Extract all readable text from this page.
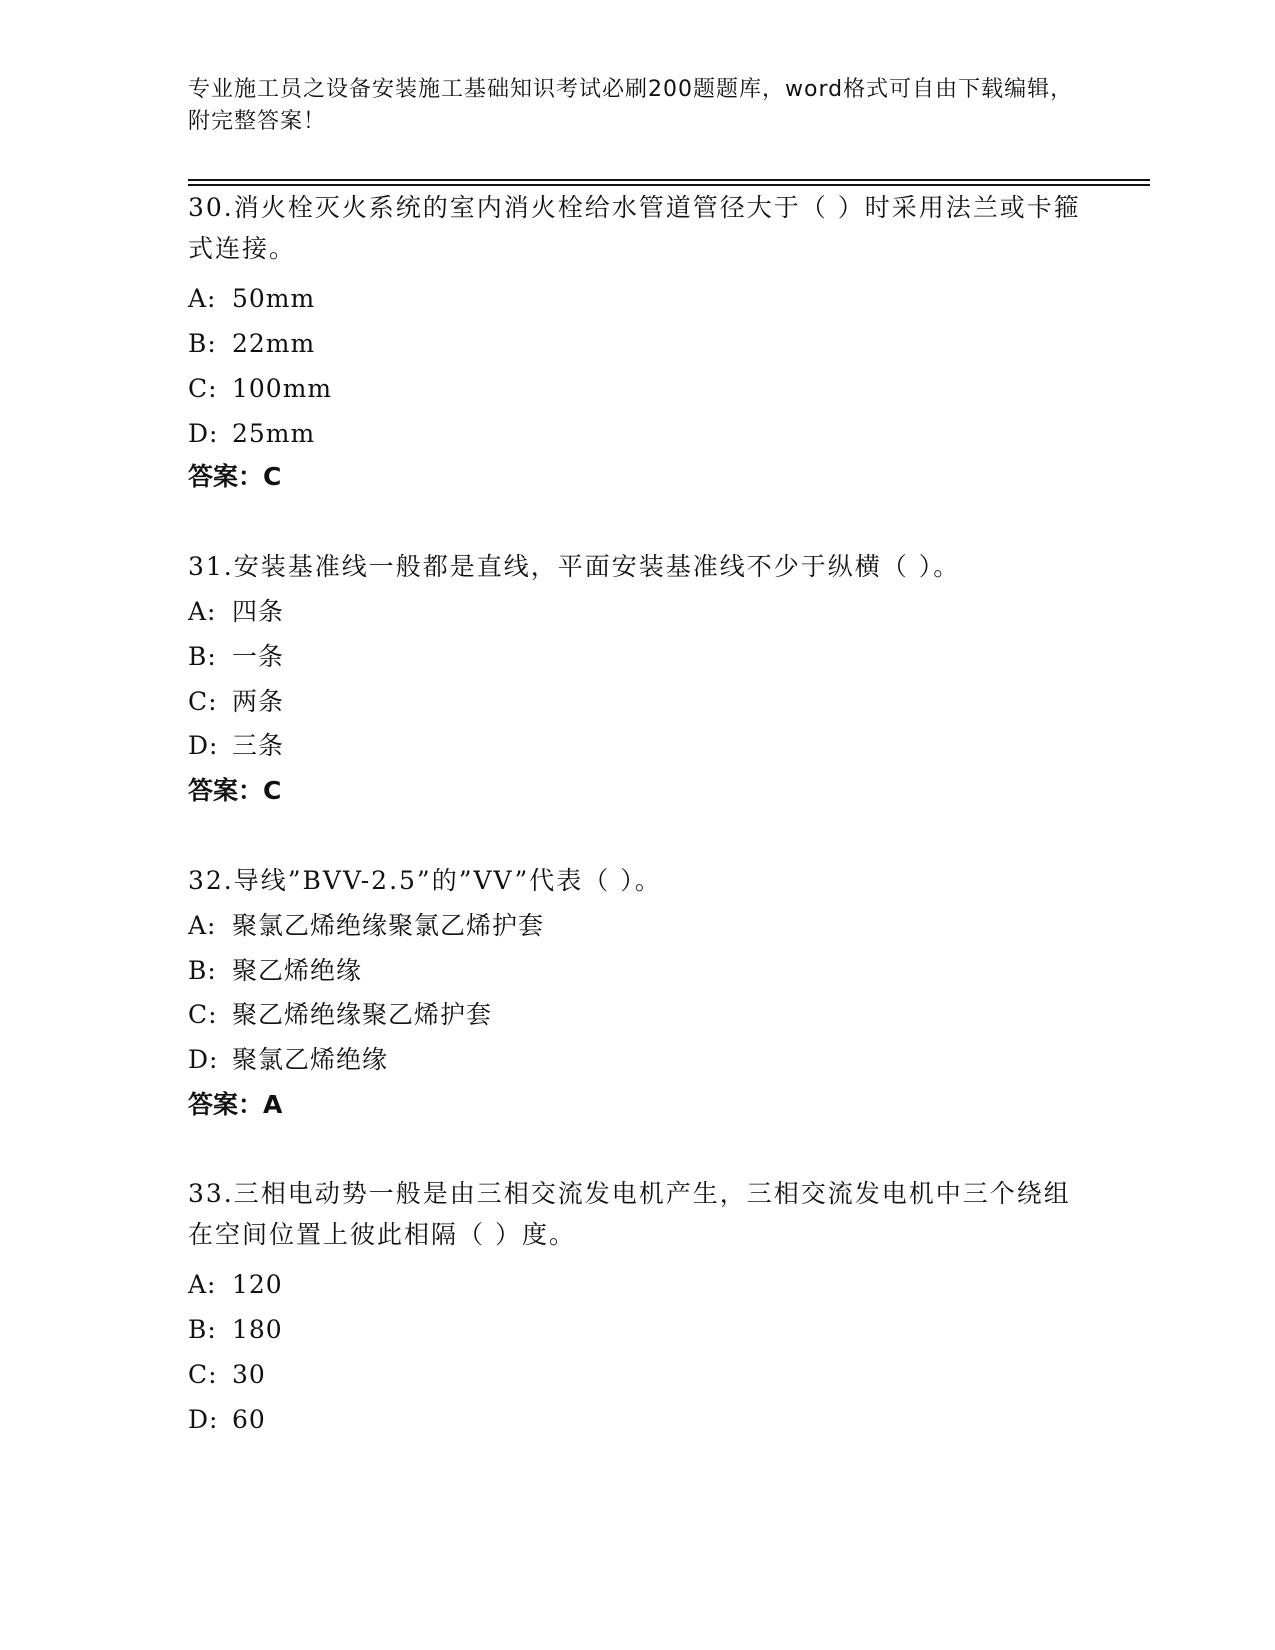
专业施工员之设备安装施工基础知识考试必刷200题题库，word格式可自由下载编辑，附完整答案！
30.消火栓灭火系统的室内消火栓给水管道管径大于（ ）时采用法兰或卡箍式连接。
A: 50mm
B: 22mm
C: 100mm
D: 25mm
答案：C
31.安装基准线一般都是直线，平面安装基准线不少于纵横（ ）。
A: 四条
B: 一条
C: 两条
D: 三条
答案：C
32.导线”BVV-2.5”的”VV”代表（ ）。
A: 聚氯乙烯绝缘聚氯乙烯护套
B: 聚乙烯绝缘
C: 聚乙烯绝缘聚乙烯护套
D: 聚氯乙烯绝缘
答案：A
33.三相电动势一般是由三相交流发电机产生，三相交流发电机中三个绕组在空间位置上彼此相隔（ ）度。
A: 120
B: 180
C: 30
D: 60
